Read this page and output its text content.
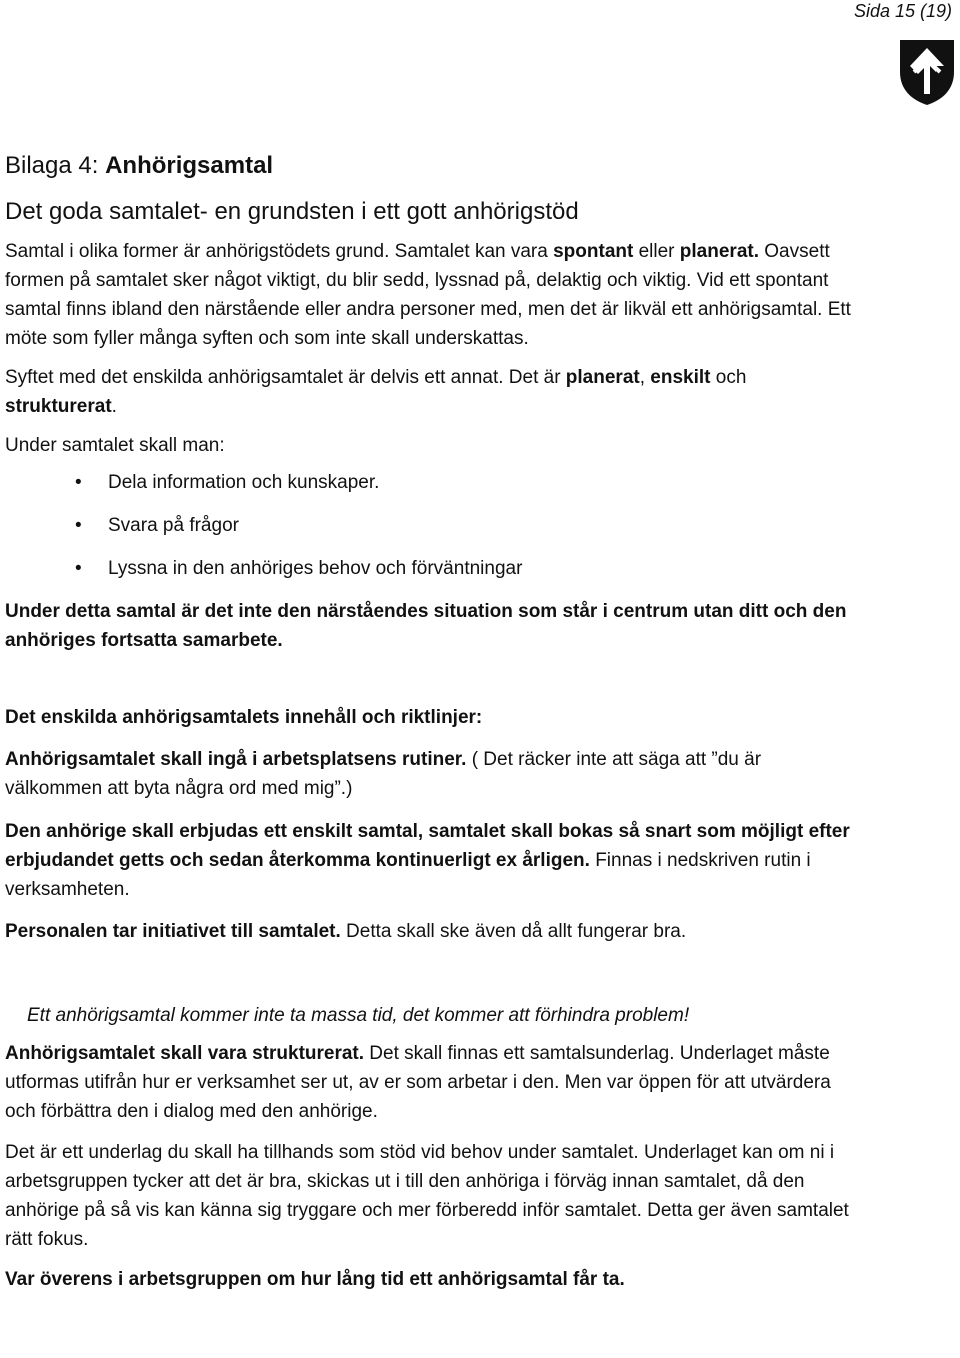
Sida 15 (19)
Bilaga 4: Anhörigsamtal
Det goda samtalet- en grundsten i ett gott anhörigstöd

Samtal i olika former är anhörigstödets grund. Samtalet kan vara spontant eller planerat. Oavsett formen på samtalet sker något viktigt, du blir sedd, lyssnad på, delaktig och viktig. Vid ett spontant samtal finns ibland den närstående eller andra personer med, men det är likväl ett anhörigsamtal. Ett möte som fyller många syften och som inte skall underskattas.

Syftet med det enskilda anhörigsamtalet är delvis ett annat. Det är planerat, enskilt och strukturerat.

Under samtalet skall man:

• Dela information och kunskaper.
• Svara på frågor
• Lyssna in den anhöriges behov och förväntningar

Under detta samtal är det inte den närståendes situation som står i centrum utan ditt och den anhöriges fortsatta samarbete.

Det enskilda anhörigsamtalets innehåll och riktlinjer:

Anhörigsamtalet skall ingå i arbetsplatsens rutiner. ( Det räcker inte att säga att ”du är välkommen att byta några ord med mig”.)

Den anhörige skall erbjudas ett enskilt samtal, samtalet skall bokas så snart som möjligt efter erbjudandet getts och sedan återkomma kontinuerligt ex årligen. Finnas i nedskriven rutin i verksamheten.

Personalen tar initiativet till samtalet. Detta skall ske även då allt fungerar bra.

Ett anhörigsamtal kommer inte ta massa tid, det kommer att förhindra problem!

Anhörigsamtalet skall vara strukturerat. Det skall finnas ett samtalsunderlag. Underlaget måste utformas utifrån hur er verksamhet ser ut, av er som arbetar i den. Men var öppen för att utvärdera och förbättra den i dialog med den anhörige.

Det är ett underlag du skall ha tillhands som stöd vid behov under samtalet. Underlaget kan om ni i arbetsgruppen tycker att det är bra, skickas ut i till den anhöriga i förväg innan samtalet, då den anhörige på så vis kan känna sig tryggare och mer förberedd inför samtalet. Detta ger även samtalet rätt fokus.

Var överens i arbetsgruppen om hur lång tid ett anhörigsamtal får ta.
